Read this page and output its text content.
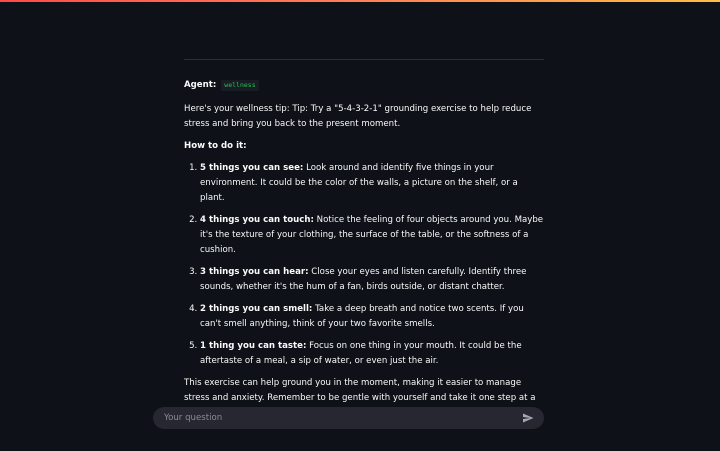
Agent:	wellness

Here's your wellness tip: Tip: Try a "5-4-3-2-1" grounding exercise to help reduce stress and bring you back to the present moment.

How to do it:

1. 5 things you can see: Look around and identify five things in your environment. It could be the color of the walls, a picture on the shelf, or a plant.
2. 4 things you can touch: Notice the feeling of four objects around you. Maybe it's the texture of your clothing, the surface of the table, or the softness of a cushion.
3. 3 things you can hear: Close your eyes and listen carefully. Identify three sounds, whether it's the hum of a fan, birds outside, or distant chatter.
4. 2 things you can smell: Take a deep breath and notice two scents. If you can't smell anything, think of your two favorite smells.
5. 1 thing you can taste: Focus on one thing in your mouth. It could be the aftertaste of a meal, a sip of water, or even just the air.

This exercise can help ground you in the moment, making it easier to manage stress and anxiety. Remember to be gentle with yourself and take it one step at a

Your question
